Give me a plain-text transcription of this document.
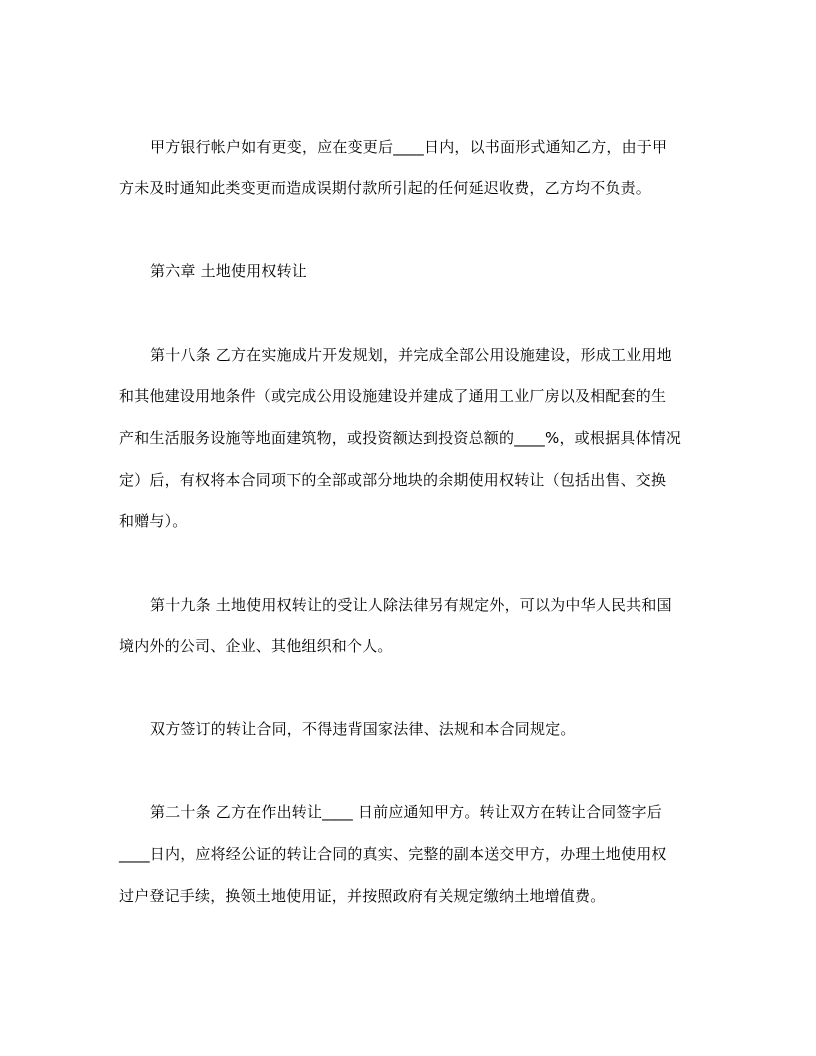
甲方银行帐户如有更变，应在变更后____日内，以书面形式通知乙方，由于甲
方未及时通知此类变更而造成误期付款所引起的任何延迟收费，乙方均不负责。
第六章 土地使用权转让
第十八条 乙方在实施成片开发规划，并完成全部公用设施建设，形成工业用地
和其他建设用地条件（或完成公用设施建设并建成了通用工业厂房以及相配套的生
产和生活服务设施等地面建筑物，或投资额达到投资总额的____%，或根据具体情况
定）后，有权将本合同项下的全部或部分地块的余期使用权转让（包括出售、交换
和赠与）。
第十九条 土地使用权转让的受让人除法律另有规定外，可以为中华人民共和国
境内外的公司、企业、其他组织和个人。
双方签订的转让合同，不得违背国家法律、法规和本合同规定。
第二十条 乙方在作出转让____ 日前应通知甲方。转让双方在转让合同签字后
____日内，应将经公证的转让合同的真实、完整的副本送交甲方，办理土地使用权
过户登记手续，换领土地使用证，并按照政府有关规定缴纳土地增值费。
